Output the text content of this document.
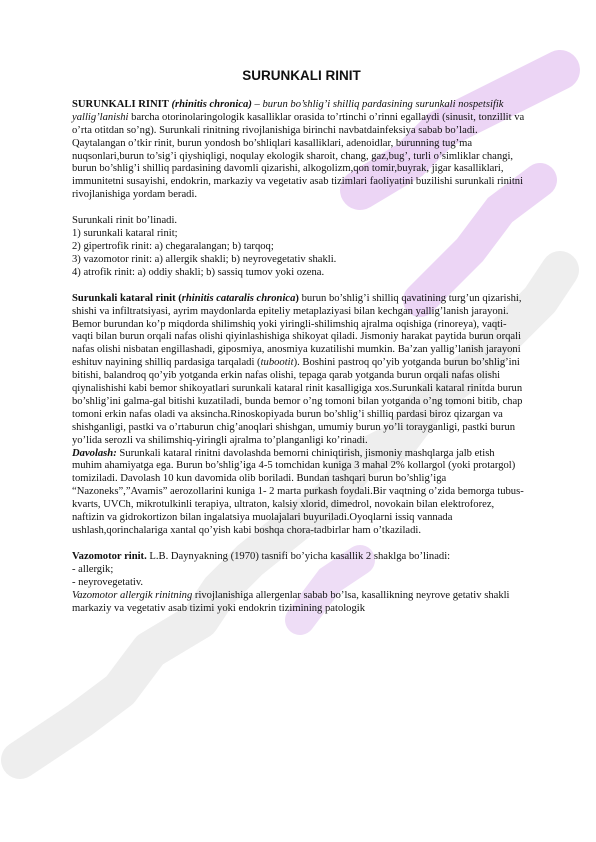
SURUNKALI RINIT

SURUNKALI RINIT (rhinitis chronica) – burun bo’shlig’i shilliq pardasining surunkali nospetsifik yallig’lanishi barcha otorinolaringologik kasalliklar orasida to’rtinchi o’rinni egallaydi (sinusit, tonzillit va o’rta otitdan so’ng). Surunkali rinitning rivojlanishiga birinchi navbatdainfeksiya sabab bo’ladi. Qaytalangan o’tkir rinit, burun yondosh bo’shliqlari kasalliklari, adenoidlar, burunning tug’ma nuqsonlari,burun to’sig’i qiyshiqligi, noqulay ekologik sharoit, chang, gaz,bug’, turli o’simliklar changi, burun bo’shlig’i shilliq pardasining davomli qizarishi, alkogolizm,qon tomir,buyrak, jigar kasalliklari, immunitetni susayishi, endokrin, markaziy va vegetativ asab tizimlari faoliyatini buzilishi surunkali rinitni rivojlanishiga yordam beradi.

Surunkali rinit bo’linadi.
1) surunkali kataral rinit;
2) gipertrofik rinit: a) chegaralangan; b) tarqoq;
3) vazomotor rinit: a) allergik shakli; b) neyrovegetativ shakli.
4) atrofik rinit: a) oddiy shakli; b) sassiq tumov yoki ozena.

Surunkali kataral rinit (rhinitis cataralis chronica) burun bo’shlig’i shilliq qavatining turg’un qizarishi, shishi va infiltratsiyasi, ayrim maydonlarda epiteliy metaplaziyasi bilan kechgan yallig’lanish jarayoni.

Bemor burundan ko’p miqdorda shilimshiq yoki yiringli-shilimshiq ajralma oqishiga (rinoreya), vaqti-vaqti bilan burun orqali nafas olishi qiyinlashishiga shikoyat qiladi. Jismoniy harakat paytida burun orqali nafas olishi nisbatan engillashadi, giposmiya, anosmiya kuzatilishi mumkin. Ba’zan yallig’lanish jarayoni eshituv nayining shilliq pardasiga tarqaladi (tubootit). Boshini pastroq qo’yib yotganda burun bo’shlig’ini bitishi, balandroq qo’yib yotganda erkin nafas olishi, tepaga qarab yotganda burun orqali nafas olishi qiynalishishi kabi bemor shikoyatlari surunkali kataral rinit kasalligiga xos.Surunkali kataral rinitda burun bo’shlig’ini galma-gal bitishi kuzatiladi, bunda bemor o’ng tomoni bilan yotganda o’ng tomoni bitib, chap tomoni erkin nafas oladi va aksincha.Rinoskopiyada burun bo’shlig’i shilliq pardasi biroz qizargan va shishganligi, pastki va o’rtaburun chig’anoqlari shishgan, umumiy burun yo’li torayganligi, pastki burun yo’lida serozli va shilimshiq-yiringli ajralma to’planganligi ko’rinadi.

Davolash: Surunkali kataral rinitni davolashda bemorni chiniqtirish, jismoniy mashqlarga jalb etish muhim ahamiyatga ega. Burun bo’shlig’iga 4-5 tomchidan kuniga 3 mahal 2% kollargol (yoki protargol) tomiziladi. Davolash 10 kun davomida olib boriladi. Bundan tashqari burun bo’shlig’iga “Nazoneks”,”Avamis” aerozollarini kuniga 1- 2 marta purkash foydali.Bir vaqtning o’zida bemorga tubus-kvarts, UVCh, mikrotulkinli terapiya, ultraton, kalsiy xlorid, dimedrol, novokain bilan elektroforez, naftizin va gidrokortizon bilan ingalatsiya muolajalari buyuriladi.Oyoqlarni issiq vannada ushlash,qorinchalariga xantal qo’yish kabi boshqa chora-tadbirlar ham o’tkaziladi.

Vazomotor rinit. L.B. Daynyakning (1970) tasnifi bo’yicha kasallik 2 shaklga bo’linadi:

- allergik;
- neyrovegetativ.

Vazomotor allergik rinitning rivojlanishiga allergenlar sabab bo’lsa, kasallikning neyrove getativ shakli markaziy va vegetativ asab tizimi yoki endokrin tizimining patologik
